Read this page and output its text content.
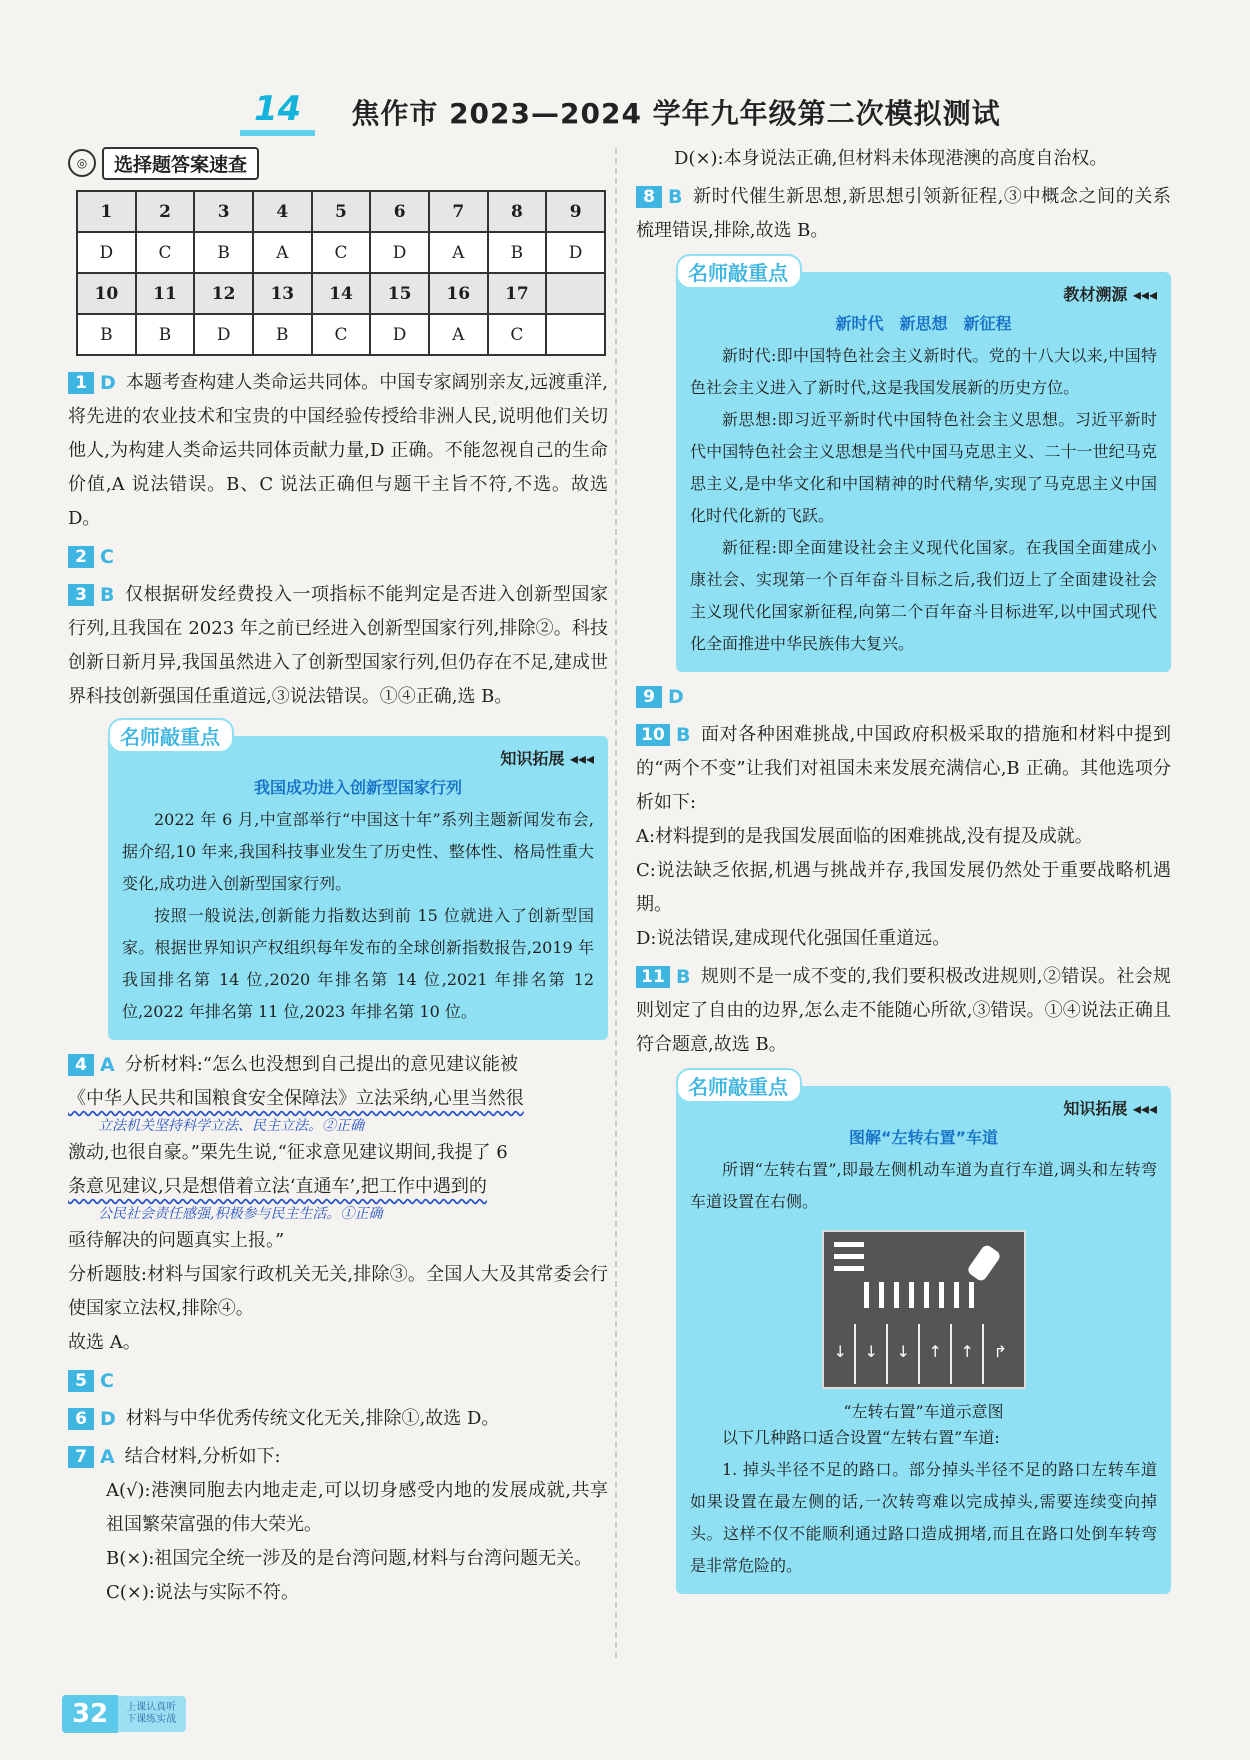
14	焦作市 2023—2024 学年九年级第二次模拟测试
◎	选择题答案速查
1	2	3	4	5	6	7	8	9
D	C	B	A	C	D	A	B	D
10	11	12	13	14	15	16	17	
B	B	D	B	C	D	A	C	
1 D 本题考查构建人类命运共同体。中国专家阔别亲友,远渡重洋,将先进的农业技术和宝贵的中国经验传授给非洲人民,说明他们关切他人,为构建人类命运共同体贡献力量,D 正确。不能忽视自己的生命价值,A 说法错误。B、C 说法正确但与题干主旨不符,不选。故选 D。
2 C
3 B 仅根据研发经费投入一项指标不能判定是否进入创新型国家行列,且我国在 2023 年之前已经进入创新型国家行列,排除②。科技创新日新月异,我国虽然进入了创新型国家行列,但仍存在不足,建成世界科技创新强国任重道远,③说法错误。①④正确,选 B。
名师敲重点
知识拓展 ◂◂◂
我国成功进入创新型国家行列

2022 年 6 月,中宣部举行“中国这十年”系列主题新闻发布会,据介绍,10 年来,我国科技事业发生了历史性、整体性、格局性重大变化,成功进入创新型国家行列。

按照一般说法,创新能力指数达到前 15 位就进入了创新型国家。根据世界知识产权组织每年发布的全球创新指数报告,2019 年我国排名第 14 位,2020 年排名第 14 位,2021 年排名第 12 位,2022 年排名第 11 位,2023 年排名第 10 位。

4 A 分析材料:“怎么也没想到自己提出的意见建议能被
《中华人民共和国粮食安全保障法》立法采纳,心里当然很
立法机关坚持科学立法、民主立法。②正确
激动,也很自豪。”栗先生说,“征求意见建议期间,我提了 6
条意见建议,只是想借着立法‘直通车’,把工作中遇到的
公民社会责任感强,积极参与民主生活。①正确
亟待解决的问题真实上报。”
分析题肢:材料与国家行政机关无关,排除③。全国人大及其常委会行使国家立法权,排除④。
故选 A。
5 C
6 D 材料与中华优秀传统文化无关,排除①,故选 D。
7 A 结合材料,分析如下:
A(√):港澳同胞去内地走走,可以切身感受内地的发展成就,共享祖国繁荣富强的伟大荣光。
B(×):祖国完全统一涉及的是台湾问题,材料与台湾问题无关。
C(×):说法与实际不符。
D(×):本身说法正确,但材料未体现港澳的高度自治权。
8 B 新时代催生新思想,新思想引领新征程,③中概念之间的关系梳理错误,排除,故选 B。
名师敲重点
教材溯源 ◂◂◂
新时代　新思想　新征程

新时代:即中国特色社会主义新时代。党的十八大以来,中国特色社会主义进入了新时代,这是我国发展新的历史方位。

新思想:即习近平新时代中国特色社会主义思想。习近平新时代中国特色社会主义思想是当代中国马克思主义、二十一世纪马克思主义,是中华文化和中国精神的时代精华,实现了马克思主义中国化时代化新的飞跃。

新征程:即全面建设社会主义现代化国家。在我国全面建成小康社会、实现第一个百年奋斗目标之后,我们迈上了全面建设社会主义现代化国家新征程,向第二个百年奋斗目标进军,以中国式现代化全面推进中华民族伟大复兴。

9 D
10 B 面对各种困难挑战,中国政府积极采取的措施和材料中提到的“两个不变”让我们对祖国未来发展充满信心,B 正确。其他选项分析如下:
A:材料提到的是我国发展面临的困难挑战,没有提及成就。
C:说法缺乏依据,机遇与挑战并存,我国发展仍然处于重要战略机遇期。
D:说法错误,建成现代化强国任重道远。
11 B 规则不是一成不变的,我们要积极改进规则,②错误。社会规则划定了自由的边界,怎么走不能随心所欲,③错误。①④说法正确且符合题意,故选 B。
名师敲重点
知识拓展 ◂◂◂
图解“左转右置”车道

所谓“左转右置”,即最左侧机动车道为直行车道,调头和左转弯车道设置在右侧。

↓ ↓ ↓ ↑ ↑ ↱
“左转右置”车道示意图

以下几种路口适合设置“左转右置”车道:

1. 掉头半径不足的路口。部分掉头半径不足的路口左转车道如果设置在最左侧的话,一次转弯难以完成掉头,需要连续变向掉头。这样不仅不能顺利通过路口造成拥堵,而且在路口处倒车转弯是非常危险的。

32	上课认真听
下课练实战
